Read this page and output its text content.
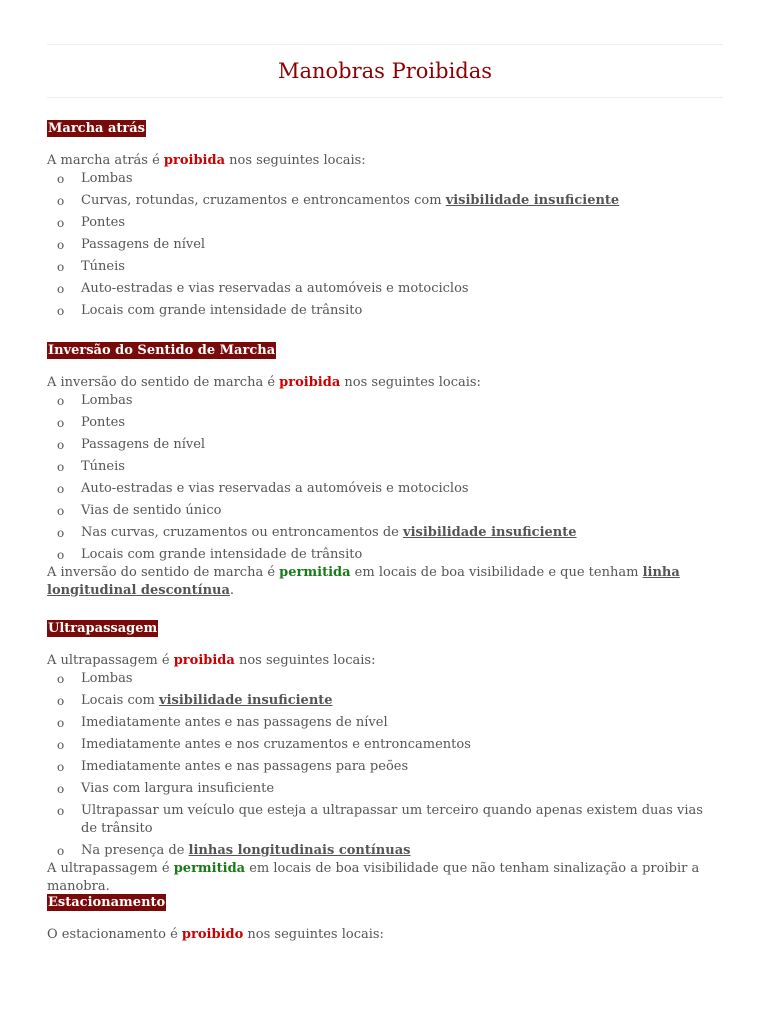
Manobras Proibidas
Marcha atrás

A marcha atrás é proibida nos seguintes locais:

o Lombas
o Curvas, rotundas, cruzamentos e entroncamentos com visibilidade insuficiente
o Pontes
o Passagens de nível
o Túneis
o Auto-estradas e vias reservadas a automóveis e motociclos
o Locais com grande intensidade de trânsito
Inversão do Sentido de Marcha

A inversão do sentido de marcha é proibida nos seguintes locais:

o Lombas
o Pontes
o Passagens de nível
o Túneis
o Auto-estradas e vias reservadas a automóveis e motociclos
o Vias de sentido único
o Nas curvas, cruzamentos ou entroncamentos de visibilidade insuficiente
o Locais com grande intensidade de trânsito

A inversão do sentido de marcha é permitida em locais de boa visibilidade e que tenham linha longitudinal descontínua.

Ultrapassagem

A ultrapassagem é proibida nos seguintes locais:

o Lombas
o Locais com visibilidade insuficiente
o Imediatamente antes e nas passagens de nível
o Imediatamente antes e nos cruzamentos e entroncamentos
o Imediatamente antes e nas passagens para peões
o Vias com largura insuficiente
o Ultrapassar um veículo que esteja a ultrapassar um terceiro quando apenas existem duas vias de trânsito
o Na presença de linhas longitudinais contínuas

A ultrapassagem é permitida em locais de boa visibilidade que não tenham sinalização a proibir a manobra.

Estacionamento

O estacionamento é proibido nos seguintes locais:
